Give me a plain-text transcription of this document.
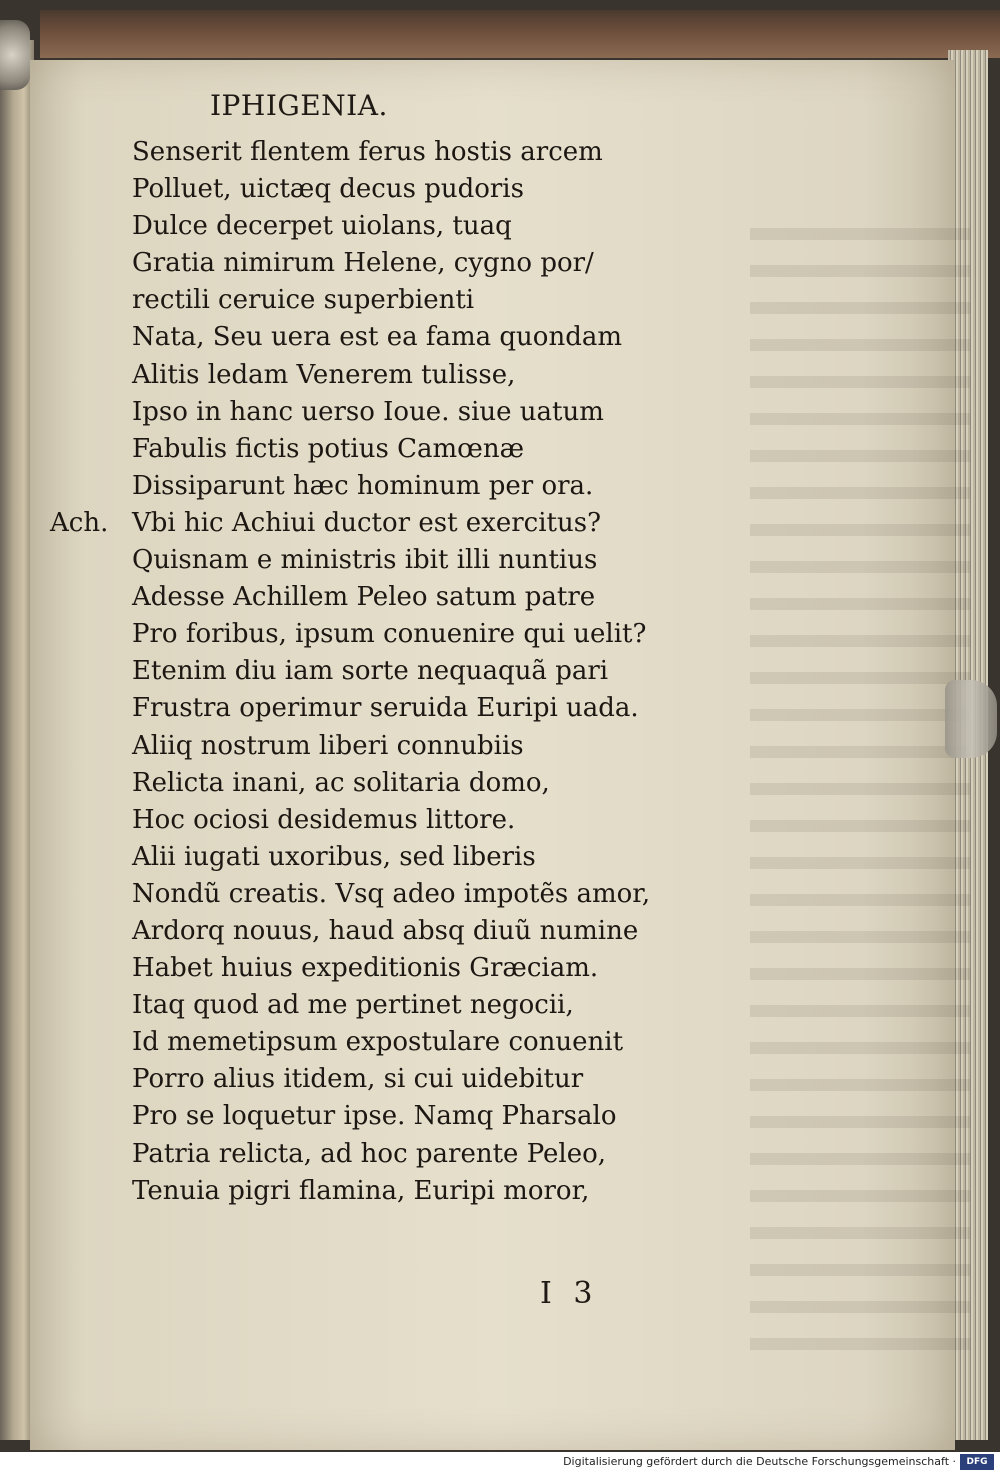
IPHIGENIA.
Senserit flentem ferus hostis arcem
Polluet, uictæq decus pudoris
Dulce decerpet uiolans, tuaq
Gratia nimirum Helene, cygno por/
rectili ceruice superbienti
Nata, Seu uera est ea fama quondam
Alitis ledam Venerem tulisse,
Ipso in hanc uerso Ioue. siue uatum
Fabulis fictis potius Camœnæ
Dissiparunt hæc hominum per ora.
Ach. Vbi hic Achiui ductor est exercitus?
Quisnam e ministris ibit illi nuntius
Adesse Achillem Peleo satum patre
Pro foribus, ipsum conuenire qui uelit?
Etenim diu iam sorte nequaquã pari
Frustra operimur seruida Euripi uada.
Aliiq nostrum liberi connubiis
Relicta inani, ac solitaria domo,
Hoc ociosi desidemus littore.
Alii iugati uxoribus, sed liberis
Nondũ creatis. Vsq adeo impotẽs amor,
Ardorq nouus, haud absq diuũ numine
Habet huius expeditionis Græciam.
Itaq quod ad me pertinet negocii,
Id memetipsum expostulare conuenit
Porro alius itidem, si cui uidebitur
Pro se loquetur ipse. Namq Pharsalo
Patria relicta, ad hoc parente Peleo,
Tenuia pigri flamina, Euripi moror,
I 3
Digitalisierung gefördert durch die Deutsche Forschungsgemeinschaft ·	DFG
